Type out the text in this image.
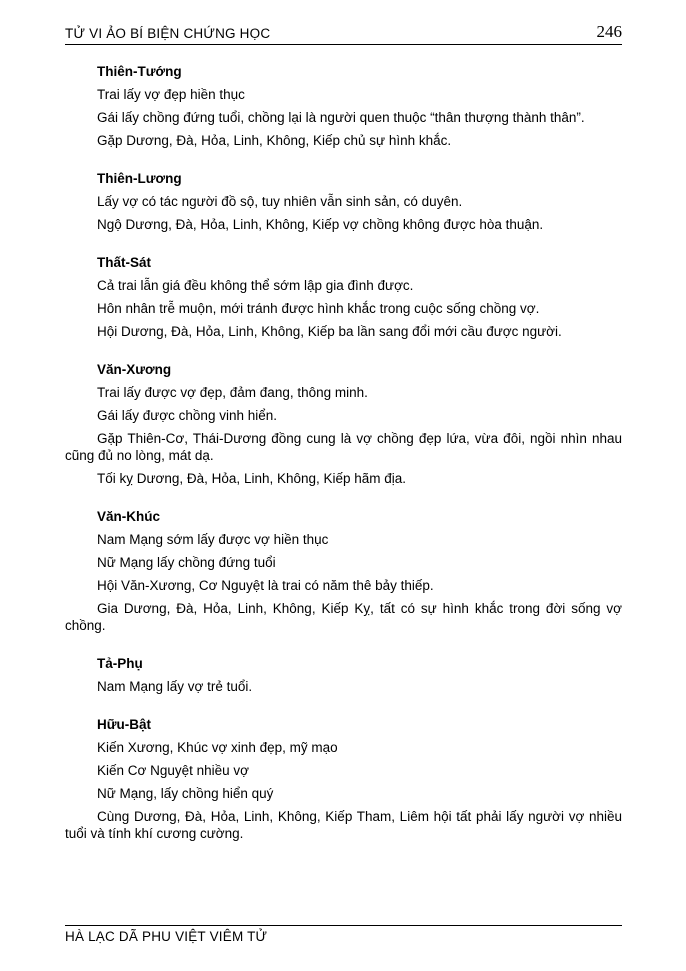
TỬ VI ẢO BÍ BIỆN CHỨNG HỌC	246
Thiên-Tướng
Trai lấy vợ đẹp hiền thục
Gái lấy chồng đứng tuổi, chồng lại là người quen thuộc “thân thượng thành thân”.
Gặp Dương, Đà, Hỏa, Linh, Không, Kiếp chủ sự hình khắc.
Thiên-Lương
Lấy vợ có tác người đồ sộ, tuy nhiên vẫn sinh sản, có duyên.
Ngộ Dương, Đà, Hỏa, Linh, Không, Kiếp vợ chồng không được hòa thuận.
Thất-Sát
Cả trai lẫn giá đều không thể sớm lập gia đình được.
Hôn nhân trễ muộn, mới tránh được hình khắc trong cuộc sống chồng vợ.
Hội Dương, Đà, Hỏa, Linh, Không, Kiếp ba lần sang đổi mới cầu được người.
Văn-Xương
Trai lấy được vợ đẹp, đảm đang, thông minh.
Gái lấy được chồng vinh hiển.
Gặp Thiên-Cơ, Thái-Dương đồng cung là vợ chồng đẹp lứa, vừa đôi, ngồi nhìn nhau cũng đủ no lòng, mát dạ.
Tối kỵ Dương, Đà, Hỏa, Linh, Không, Kiếp hãm địa.
Văn-Khúc
Nam Mạng sớm lấy được vợ hiền thục
Nữ Mạng lấy chồng đứng tuổi
Hội Văn-Xương, Cơ Nguyệt là trai có năm thê bảy thiếp.
Gia Dương, Đà, Hỏa, Linh, Không, Kiếp Kỵ, tất có sự hình khắc trong đời sống vợ chồng.
Tả-Phụ
Nam Mạng lấy vợ trẻ tuổi.
Hữu-Bật
Kiến Xương, Khúc vợ xinh đẹp, mỹ mạo
Kiến Cơ Nguyệt nhiều vợ
Nữ Mạng, lấy chồng hiển quý
Cùng Dương, Đà, Hỏa, Linh, Không, Kiếp Tham, Liêm hội tất phải lấy người vợ nhiều tuổi và tính khí cương cường.
HÀ LẠC DÃ PHU VIỆT VIÊM TỬ
